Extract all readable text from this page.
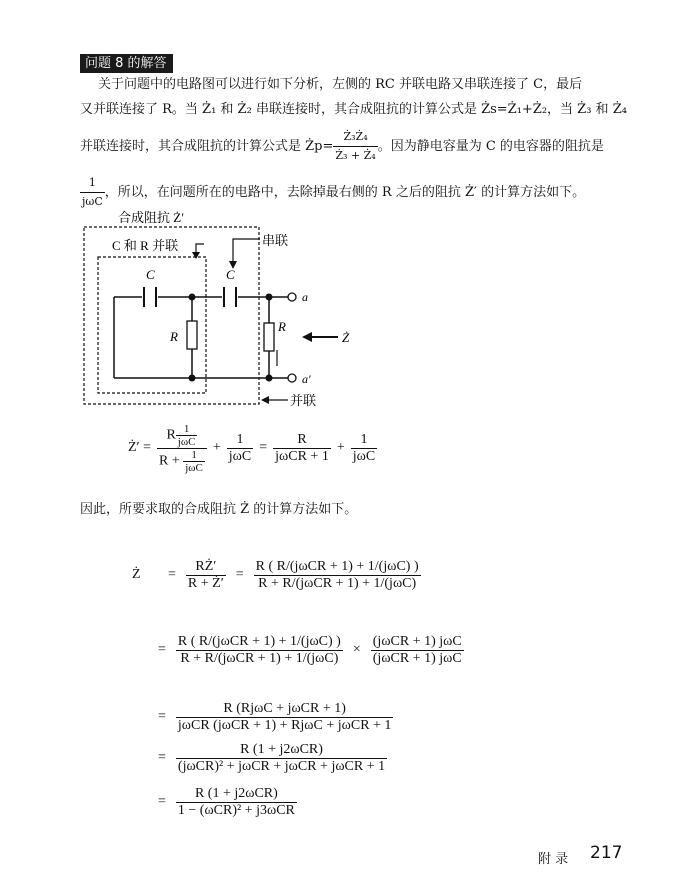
问题 8 的解答
关于问题中的电路图可以进行如下分析，左侧的 RC 并联电路又串联连接了 C，最后
又并联连接了 R。当 Ż₁ 和 Ż₂ 串联连接时，其合成阻抗的计算公式是 Żs=Ż₁+Ż₂，当 Ż₃ 和 Ż₄
并联连接时，其合成阻抗的计算公式是 Żp= $\frac{\text{Ż₃Ż₄}}{\text{Ż₃ + Ż₄}}$ 。因为静电容量为 C 的电容器的阻抗是
$\frac{1}{\text{jωC}}$ ，所以，在问题所在的电路中，去除掉最右侧的 R 之后的阻抗 Ż′ 的计算方法如下。
合成阻抗 Ż′
C 和 R 并联	串联
C	C
R
R
a
a′
Ż
并联
Ż′ = $\frac{R \frac{1}{\text{jωC}}}{R + \frac{1}{\text{jωC}}} + \frac{1}{\text{jωC}} = \frac{R}{\text{jωCR + 1}} + \frac{1}{\text{jωC}}$
因此，所要求取的合成阻抗 Ż 的计算方法如下。
Ż	= $\frac{RŻ'}{R + Ż'} = \frac{\text{R ( R/(jωCR + 1) + 1/(jωC) )}}{\text{R + R/(jωCR + 1) + 1/(jωC)}}$
= $\frac{\text{R ( R/(jωCR + 1) + 1/(jωC) )}}{\text{R + R/(jωCR + 1) + 1/(jωC)}} \times \frac{\text{(jωCR + 1) jωC}}{\text{(jωCR + 1) jωC}}$
= $\frac{\text{R (RjωC + jωCR + 1)}}{\text{jωCR (jωCR + 1) + RjωC + jωCR + 1}}$
= $\frac{\text{R (1 + j2ωCR)}}{\text{(jωCR)² + jωCR + jωCR + jωCR + 1}}$
= $\frac{\text{R (1 + j2ωCR)}}{\text{1 − (ωCR)² + j3ωCR}}$
附 录 217
